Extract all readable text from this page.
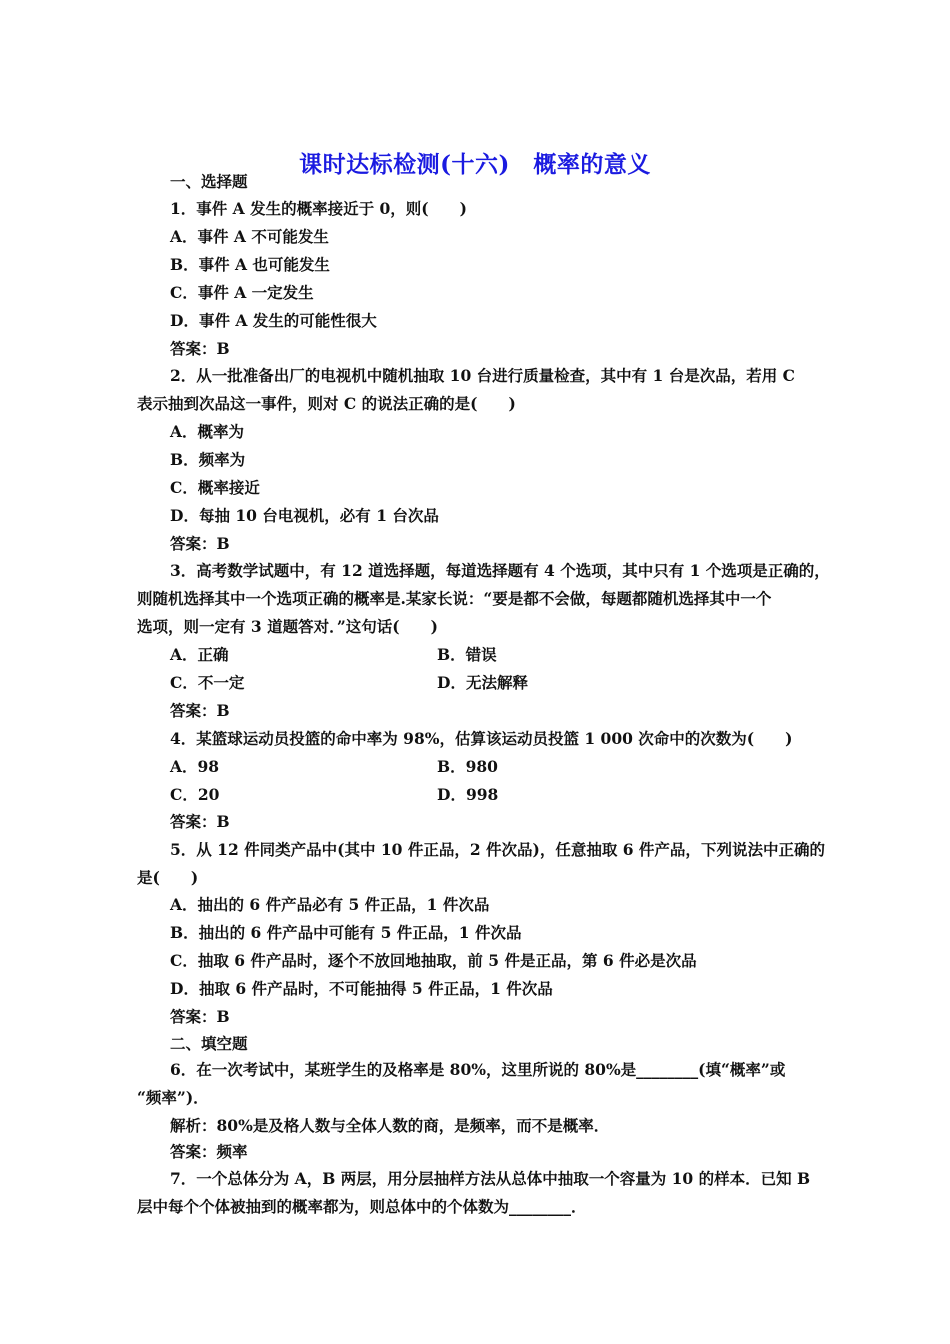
课时达标检测(十六)　概率的意义
一、选择题
1．事件 A 发生的概率接近于 0，则(　　)
A．事件 A 不可能发生
B．事件 A 也可能发生
C．事件 A 一定发生
D．事件 A 发生的可能性很大
答案：B
2．从一批准备出厂的电视机中随机抽取 10 台进行质量检查，其中有 1 台是次品，若用 C
表示抽到次品这一事件，则对 C 的说法正确的是(　　)
A．概率为
B．频率为
C．概率接近
D．每抽 10 台电视机，必有 1 台次品
答案：B
3．高考数学试题中，有 12 道选择题，每道选择题有 4 个选项，其中只有 1 个选项是正确的，
则随机选择其中一个选项正确的概率是.某家长说：“要是都不会做，每题都随机选择其中一个
选项，则一定有 3 道题答对．”这句话(　　)
A．正确	B．错误
C．不一定	D．无法解释
答案：B
4．某篮球运动员投篮的命中率为 98%，估算该运动员投篮 1 000 次命中的次数为(　　)
A．98	B．980
C．20	D．998
答案：B
5．从 12 件同类产品中(其中 10 件正品，2 件次品)，任意抽取 6 件产品，下列说法中正确的
是(　　)
A．抽出的 6 件产品必有 5 件正品，1 件次品
B．抽出的 6 件产品中可能有 5 件正品，1 件次品
C．抽取 6 件产品时，逐个不放回地抽取，前 5 件是正品，第 6 件必是次品
D．抽取 6 件产品时，不可能抽得 5 件正品，1 件次品
答案：B
二、填空题
6．在一次考试中，某班学生的及格率是 80%，这里所说的 80%是________(填“概率”或
“频率”)．
解析：80%是及格人数与全体人数的商，是频率，而不是概率．
答案：频率
7．一个总体分为 A，B 两层，用分层抽样方法从总体中抽取一个容量为 10 的样本．已知 B
层中每个个体被抽到的概率都为，则总体中的个体数为________．
